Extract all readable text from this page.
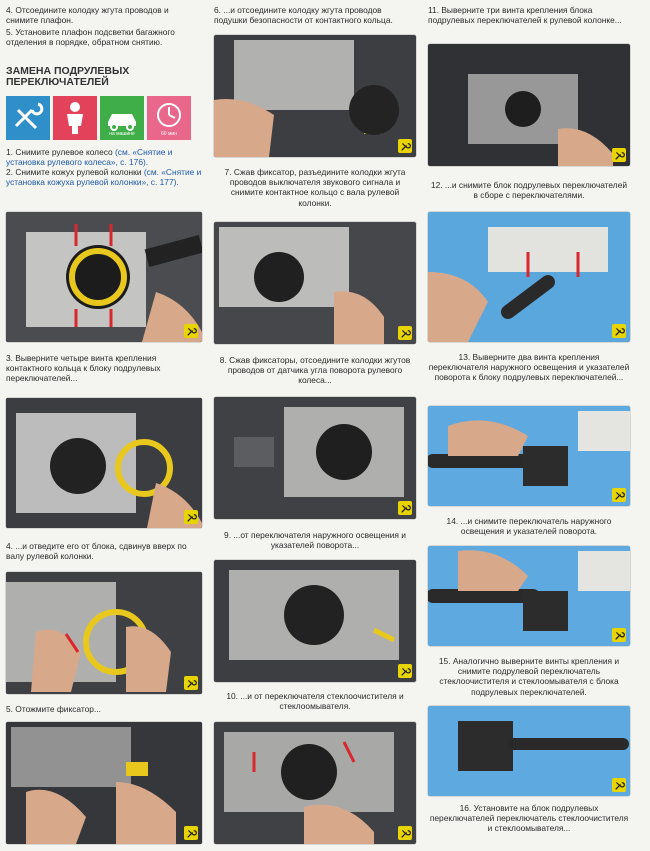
4. Отсоедините колодку жгута проводов и снимите плафон.

5. Установите плафон подсветки багажного отделения в порядке, обратном снятию.

ЗАМЕНА ПОДРУЛЕВЫХ ПЕРЕКЛЮЧАТЕЛЕЙ
на машине	60 мин

1. Снимите рулевое колесо (см. «Снятие и установка рулевого колеса», с. 176).

2. Снимите кожух рулевой колонки (см. «Снятие и установка кожуха рулевой колонки», с. 177).

3. Выверните четыре винта крепления контактного кольца к блоку подрулевых переключателей...

4. ...и отведите его от блока, сдвинув вверх по валу рулевой колонки.

5. Отожмите фиксатор...

6. ...и отсоедините колодку жгута проводов подушки безопасности от контактного кольца.

7. Сжав фиксатор, разъедините колодки жгута проводов выключателя звукового сигнала и снимите контактное кольцо с вала рулевой колонки.

8. Сжав фиксаторы, отсоедините колодки жгутов проводов от датчика угла поворота рулевого колеса...

9. ...от переключателя наружного освещения и указателей поворота...

10. ...и от переключателя стеклоочистителя и стеклоомывателя.

11. Выверните три винта крепления блока подрулевых переключателей к рулевой колонке...

12. ...и снимите блок подрулевых переключателей в сборе с переключателями.

13. Выверните два винта крепления переключателя наружного освещения и указателей поворота к блоку подрулевых переключателей...

14. ...и снимите переключатель наружного освещения и указателей поворота.

15. Аналогично выверните винты крепления и снимите подрулевой переключатель стеклоочистителя и стеклоомывателя с блока подрулевых переключателей.

16. Установите на блок подрулевых переключателей переключатель стеклоочистителя и стеклоомывателя...
